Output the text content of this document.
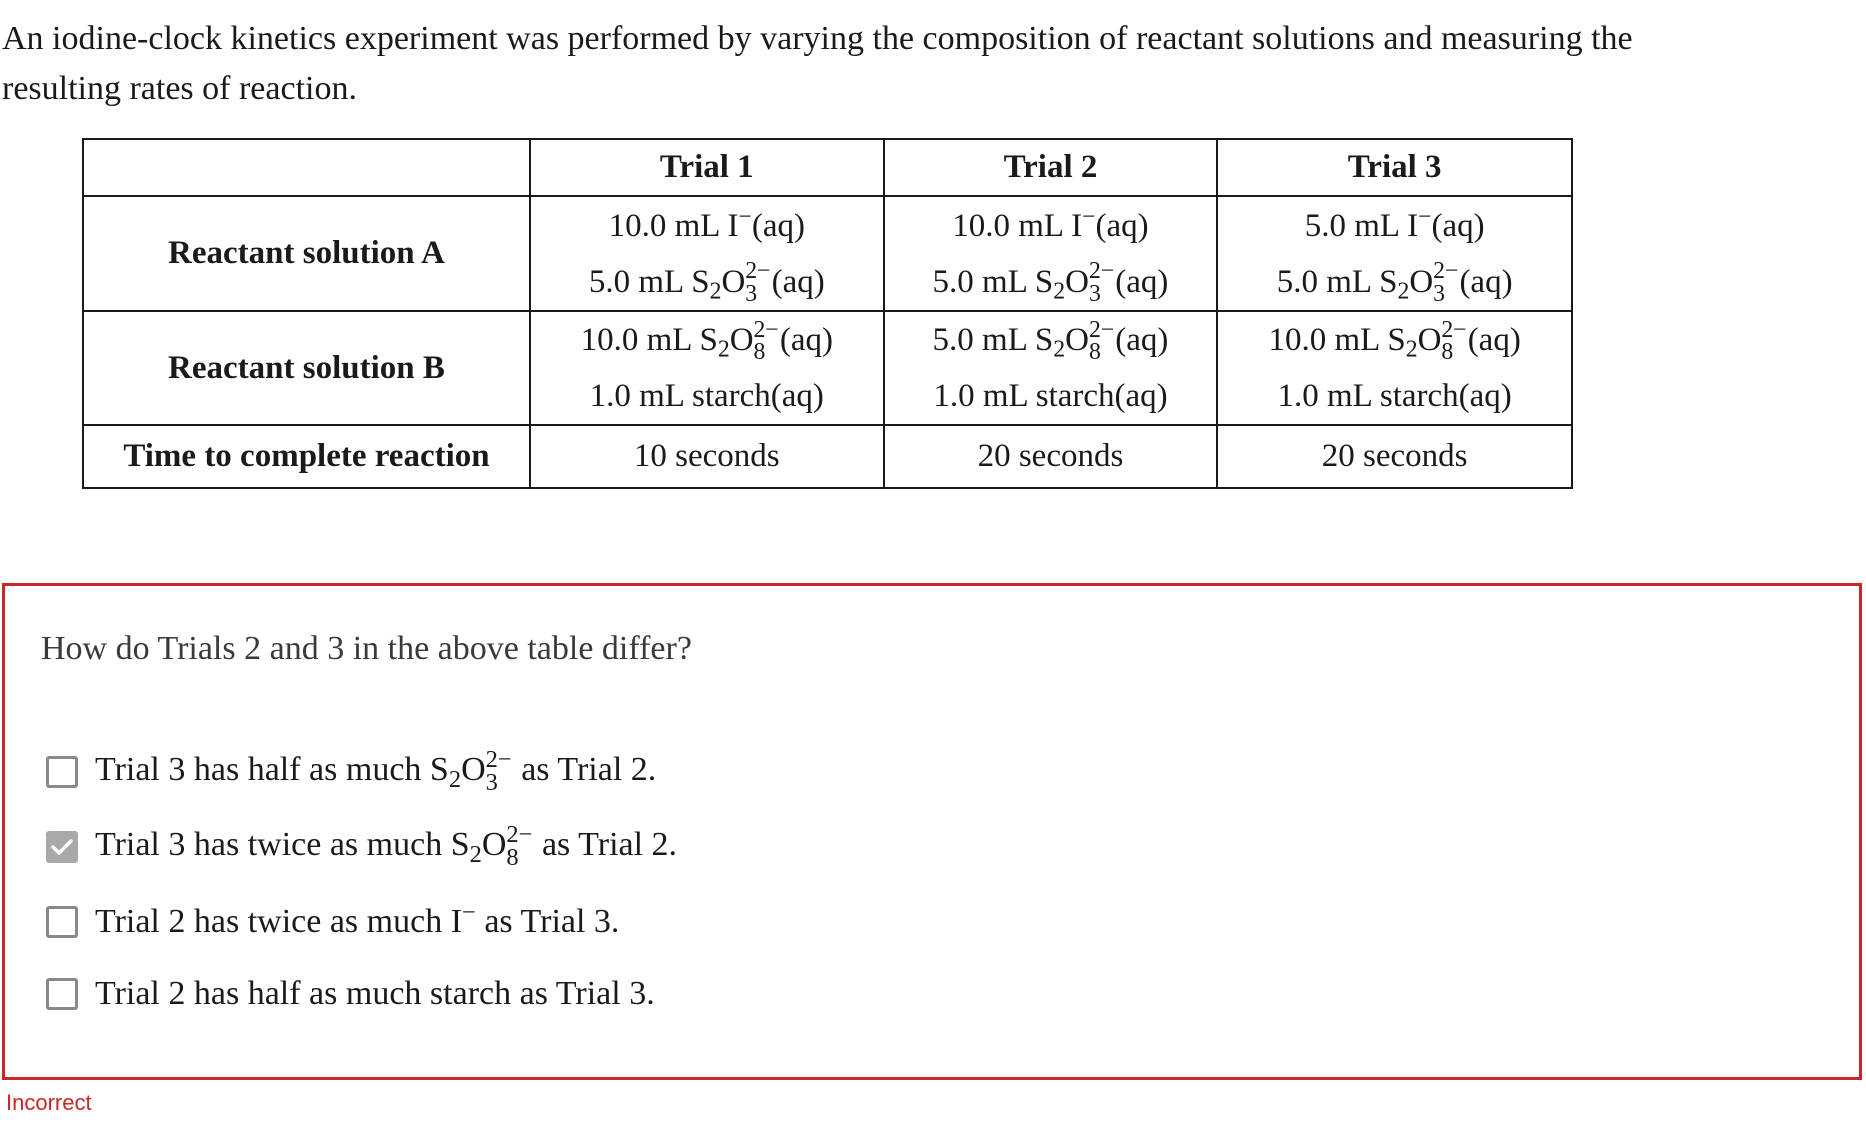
An iodine-clock kinetics experiment was performed by varying the composition of reactant solutions and measuring the resulting rates of reaction.
	Trial 1	Trial 2	Trial 3
Reactant solution A	10.0 mL I−(aq)
5.0 mL $S_2O$ 2−
3 (aq)	10.0 mL I−(aq)
5.0 mL $S_2O$ 2−
3 (aq)	5.0 mL I−(aq)
5.0 mL $S_2O$ 2−
3 (aq)

Reactant solution B	10.0 mL $S_2O$ 2−
8 (aq)
1.0 mL starch(aq)	5.0 mL $S_2O$ 2−
8 (aq)
1.0 mL starch(aq)	10.0 mL $S_2O$ 2−
8 (aq)
1.0 mL starch(aq)

Time to complete reaction	10 seconds	20 seconds	20 seconds
How do Trials 2 and 3 in the above table differ?
Trial 3 has half as much $S_2O$ 2−
3 as Trial 2.
Trial 3 has twice as much $S_2O$ 2−
8 as Trial 2.
Trial 2 has twice as much I− as Trial 3.
Trial 2 has half as much starch as Trial 3.
Incorrect
